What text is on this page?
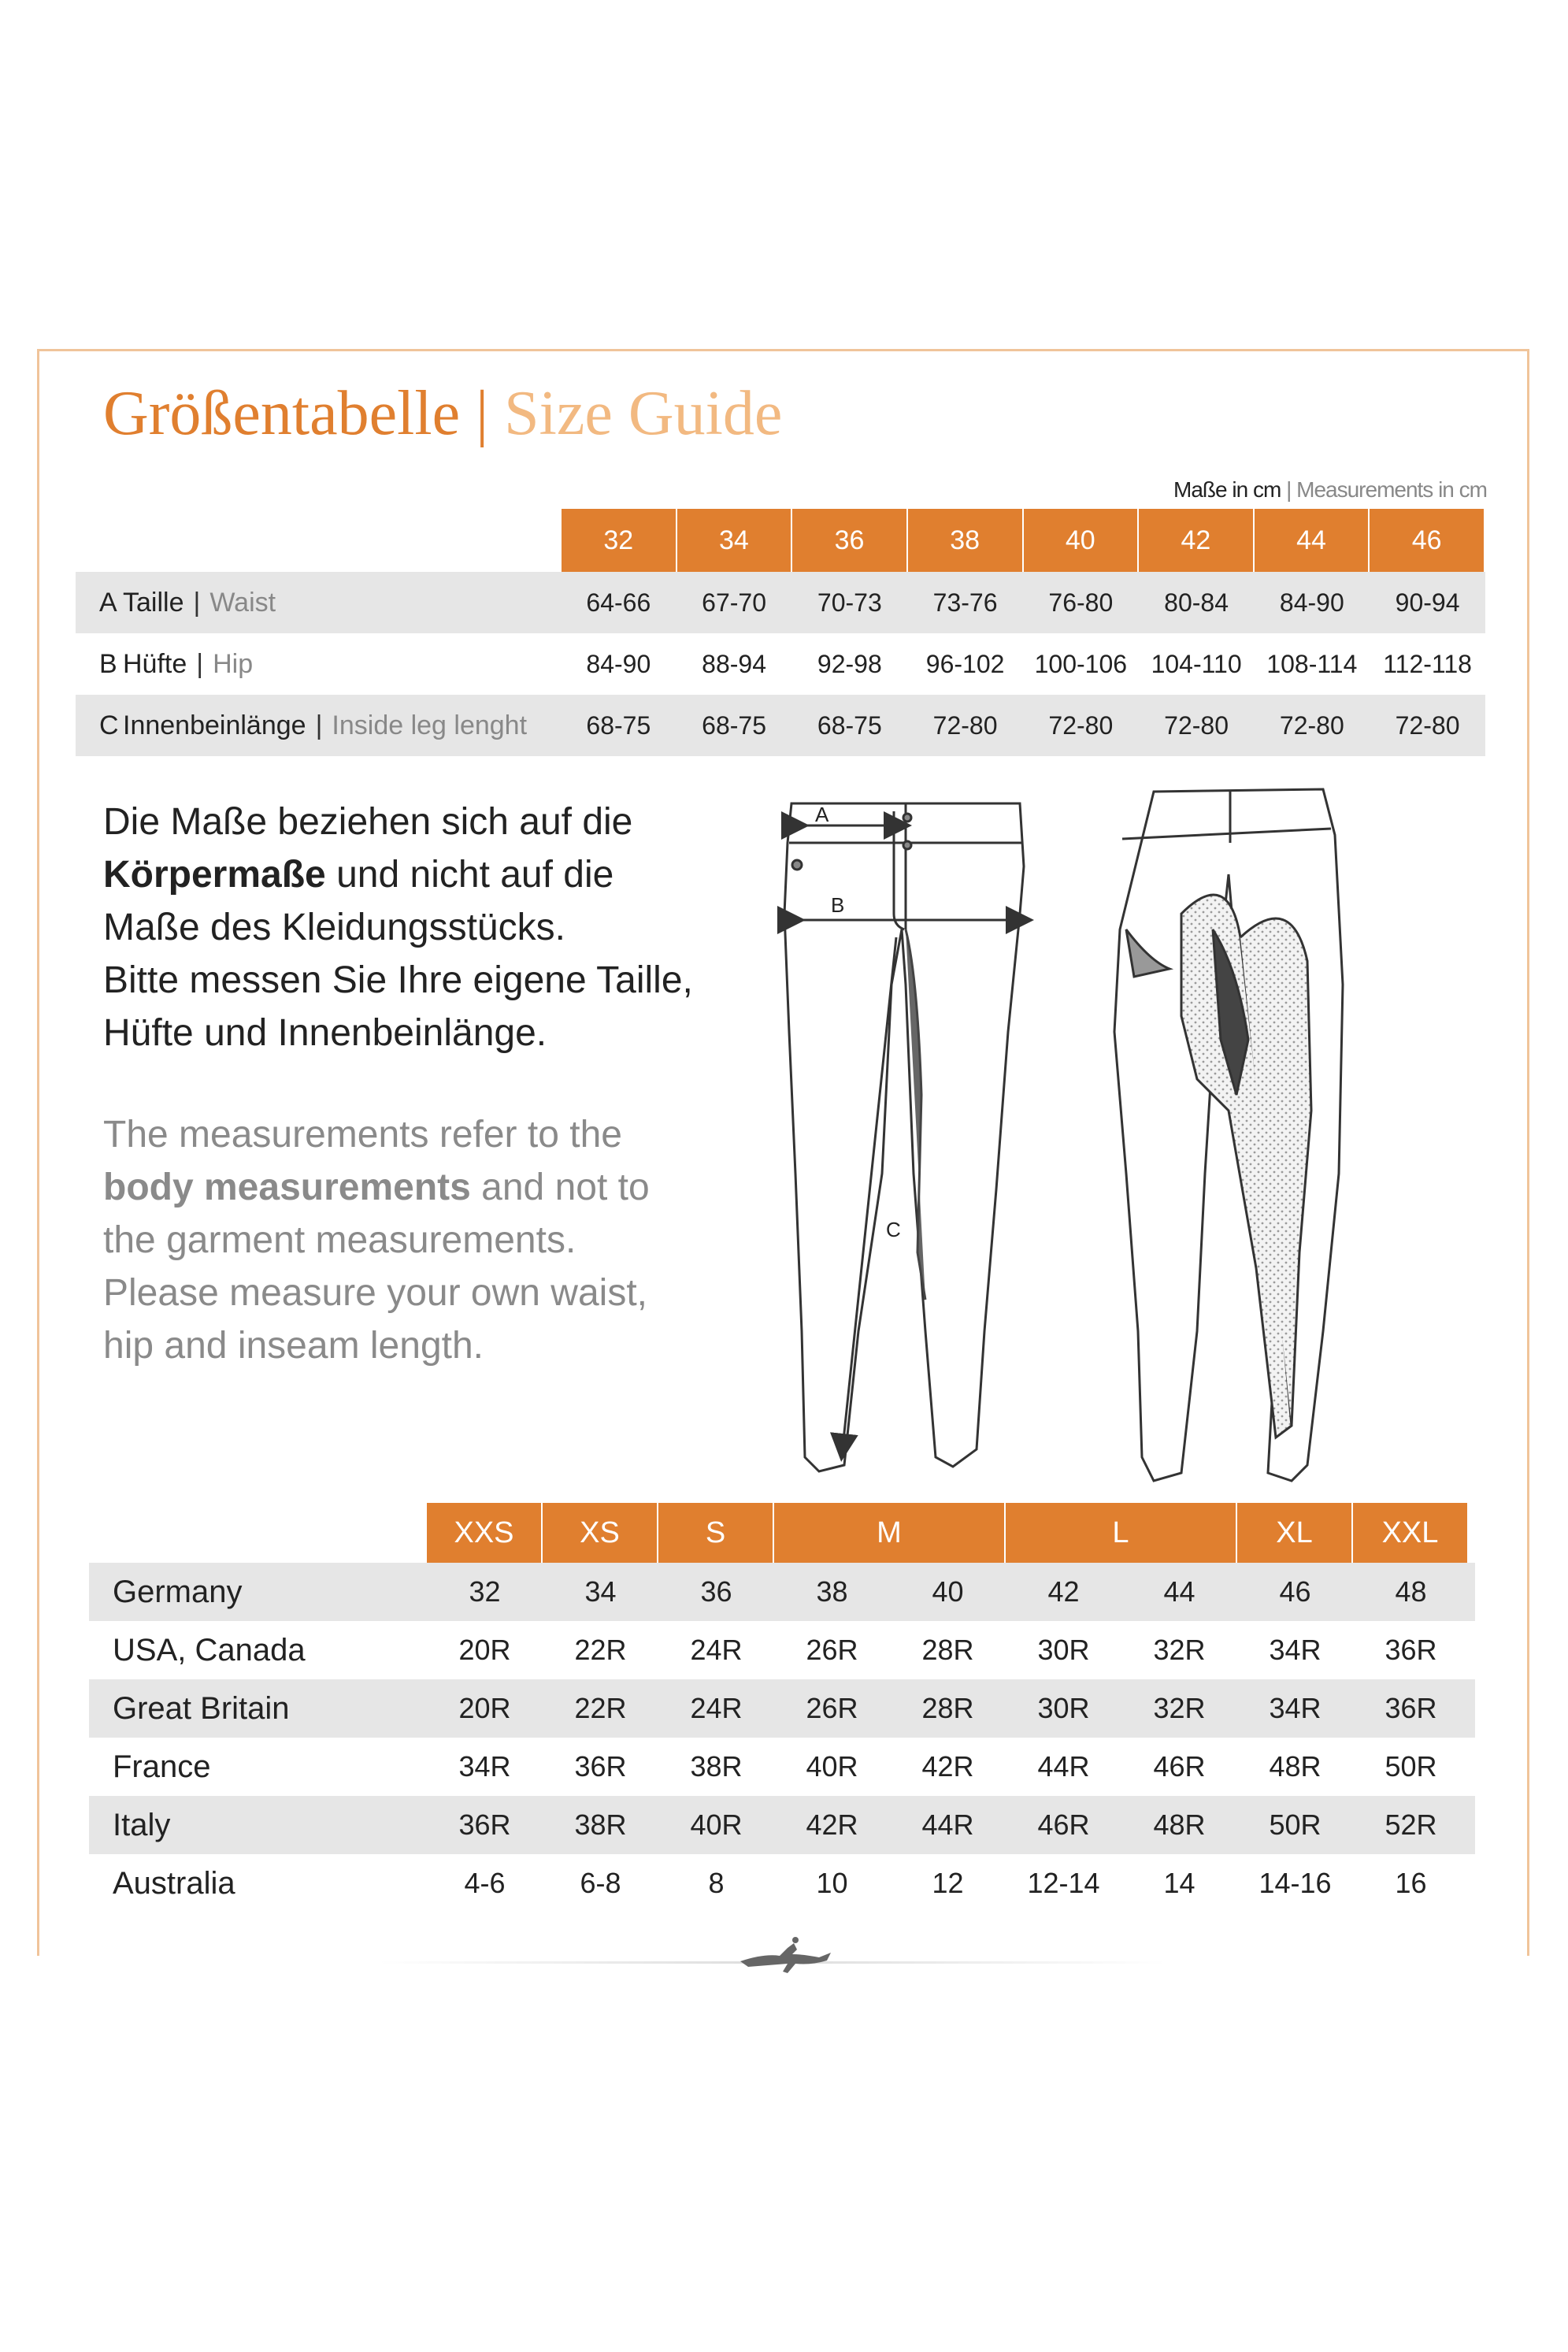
Größentabelle | Size Guide
Maße in cm | Measurements in cm
32	34	36	38	40	42	44	46
A Taille | Waist	64-66	67-70	70-73	73-76	76-80	80-84	84-90	90-94
B Hüfte | Hip	84-90	88-94	92-98	96-102	100-106 104-110 108-114	112-118
C Innenbeinlänge | Inside leg lenght	68-75	68-75	68-75	72-80	72-80	72-80	72-80	72-80
Die Maße beziehen sich auf die
Körpermaße und nicht auf die
Maße des Kleidungsstücks.
Bitte messen Sie Ihre eigene Taille,
Hüfte und Innenbeinlänge.
The measurements refer to the
body measurements and not to
the garment measurements.
Please measure your own waist,
hip and inseam length.
A
B
C
XXS	XS	S	M	L	XL	XXL
Germany	32	34	36	38	40	42	44	46	48
USA, Canada	20R	22R	24R	26R	28R	30R	32R	34R	36R
Great Britain	20R	22R	24R	26R	28R	30R	32R	34R	36R
France	34R	36R	38R	40R	42R	44R	46R	48R	50R
Italy	36R	38R	40R	42R	44R	46R	48R	50R	52R
Australia	4-6	6-8	8	10	12	12-14	14	14-16	16
